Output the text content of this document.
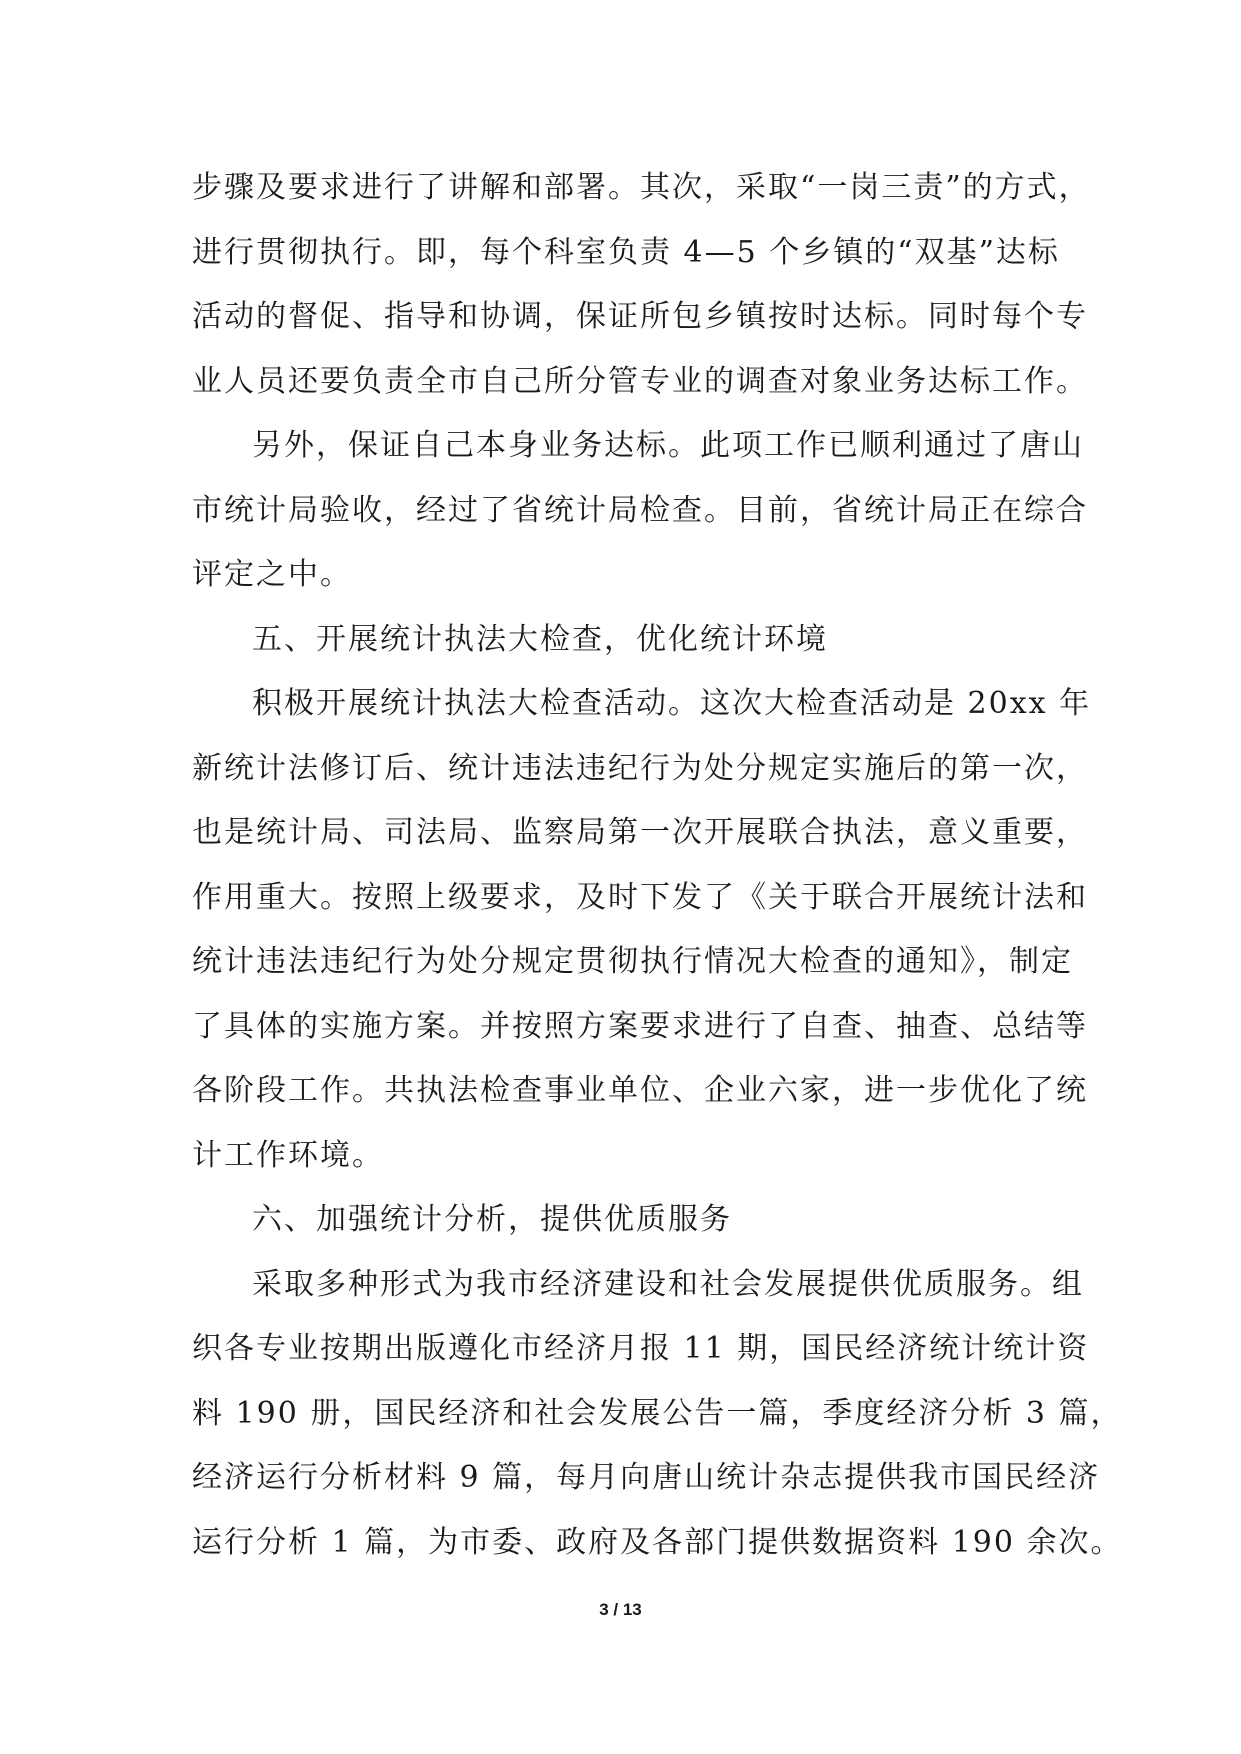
步骤及要求进行了讲解和部署。其次，采取“一岗三责”的方式，
进行贯彻执行。即，每个科室负责 4—5 个乡镇的“双基”达标
活动的督促、指导和协调，保证所包乡镇按时达标。同时每个专
业人员还要负责全市自己所分管专业的调查对象业务达标工作。
另外，保证自己本身业务达标。此项工作已顺利通过了唐山
市统计局验收，经过了省统计局检查。目前，省统计局正在综合
评定之中。
五、开展统计执法大检查，优化统计环境
积极开展统计执法大检查活动。这次大检查活动是 20xx 年
新统计法修订后、统计违法违纪行为处分规定实施后的第一次，
也是统计局、司法局、监察局第一次开展联合执法，意义重要，
作用重大。按照上级要求，及时下发了《关于联合开展统计法和
统计违法违纪行为处分规定贯彻执行情况大检查的通知》，制定
了具体的实施方案。并按照方案要求进行了自查、抽查、总结等
各阶段工作。共执法检查事业单位、企业六家，进一步优化了统
计工作环境。
六、加强统计分析，提供优质服务
采取多种形式为我市经济建设和社会发展提供优质服务。组
织各专业按期出版遵化市经济月报 11 期，国民经济统计统计资
料 190 册，国民经济和社会发展公告一篇，季度经济分析 3 篇，
经济运行分析材料 9 篇，每月向唐山统计杂志提供我市国民经济
运行分析 1 篇，为市委、政府及各部门提供数据资料 190 余次。
3 / 13
